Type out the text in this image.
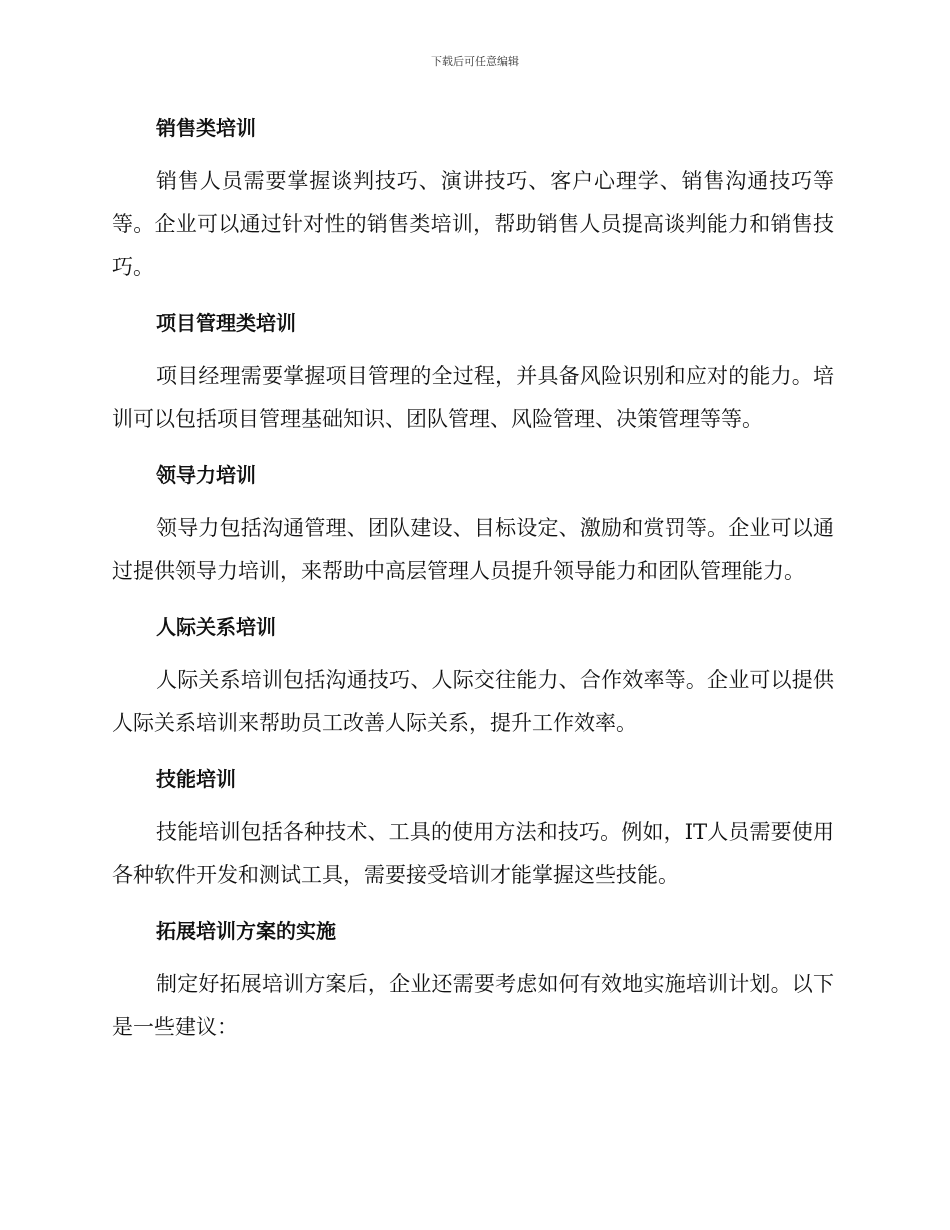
下载后可任意编辑
销售类培训

销售人员需要掌握谈判技巧、演讲技巧、客户心理学、销售沟通技巧等等。企业可以通过针对性的销售类培训，帮助销售人员提高谈判能力和销售技巧。

项目管理类培训

项目经理需要掌握项目管理的全过程，并具备风险识别和应对的能力。培训可以包括项目管理基础知识、团队管理、风险管理、决策管理等等。

领导力培训

领导力包括沟通管理、团队建设、目标设定、激励和赏罚等。企业可以通过提供领导力培训，来帮助中高层管理人员提升领导能力和团队管理能力。

人际关系培训

人际关系培训包括沟通技巧、人际交往能力、合作效率等。企业可以提供人际关系培训来帮助员工改善人际关系，提升工作效率。

技能培训

技能培训包括各种技术、工具的使用方法和技巧。例如，IT人员需要使用各种软件开发和测试工具，需要接受培训才能掌握这些技能。

拓展培训方案的实施

制定好拓展培训方案后，企业还需要考虑如何有效地实施培训计划。以下是一些建议：
